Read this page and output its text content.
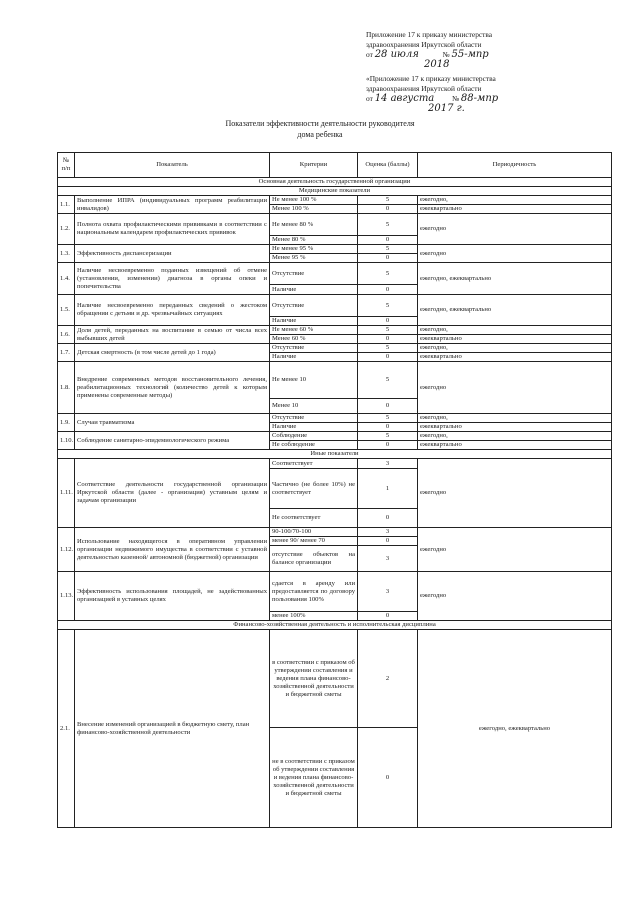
Приложение 17 к приказу министерства
здравоохранения Иркутской области
от 28 июля	№ 55-мпр
2018
«Приложение 17 к приказу министерства
здравоохранения Иркутской области
от 14 августа № 88-мпр
2017 г.
Показатели эффективности деятельности руководителя
дома ребенка
№ п/п	Показатель	Критерии	Оценка (баллы)	Периодичность
Основная деятельность государственной организации				
Медицинские показатели				
1.1.	Выполнение ИПРА (индивидуальных программ реабилитации инвалидов)	Не менее 100 %	5	ежегодно,
		Менее 100 %	0	ежеквартально
1.2.	Полнота охвата профилактическими прививками в соответствии с национальным календарем профилактических прививок	Не менее 80 %	5	ежегодно
		Менее 80 %	0	
1.3.	Эффективность диспансеризации	Не менее 95 %	5	ежегодно
		Менее 95 %	0	
1.4.	Наличие несвоевременно поданных извещений об отмене (установлении, изменении) диагноза в органы опеки и попечительства	Отсутствие	5	ежегодно, ежеквартально
		Наличие	0	
1.5.	Наличие несвоевременно переданных сведений о жестоком обращении с детьми и др. чрезвычайных ситуациях	Отсутствие	5	ежегодно, ежеквартально
		Наличие	0	
1.6.	Доля детей, переданных на воспитание в семью от числа всех выбывших детей	Не менее 60 %	5	ежегодно,
		Менее 60 %	0	ежеквартально
1.7.	Детская смертность (в том числе детей до 1 года)	Отсутствие	5	ежегодно,
		Наличие	0	ежеквартально
1.8.	Внедрение современных методов восстановительного лечения, реабилитационных технологий (количество детей к которым применены современные методы)	Не менее 10	5	ежегодно
		Менее 10	0	
1.9.	Случаи травматизма	Отсутствие	5	ежегодно,
		Наличие	0	ежеквартально
1.10.	Соблюдение санитарно-эпидемиологического режима	Соблюдение	5	ежегодно,
		Не соблюдение	0	ежеквартально
Иные показатели				
1.11.	Соответствие деятельности государственной организации Иркутской области (далее - организация) уставным целям и задачам организации	Соответствует	3	ежегодно
		Частично (не более 10%) не соответствует	1	
		Не соответствует	0	
1.12.	Использование находящегося в оперативном управлении организации недвижимого имущества в соответствии с уставной деятельностью казенной/ автономной (бюджетной) организации	90-100/70-100	3	ежегодно
		менее 90/ менее 70	0	
		отсутствие объектов на балансе организации	3	
1.13.	Эффективность использования площадей, не задействованных организацией в уставных целях	сдается в аренду или предоставляется по договору пользования 100%	3	ежегодно
		менее 100%	0	
Финансово-хозяйственная деятельность и исполнительская дисциплина				
2.1.	Внесение изменений организацией в бюджетную смету, план финансово-хозяйственной деятельности	в соответствии с приказом об утверждении составления и ведения плана финансово-хозяйственной деятельности и бюджетной сметы	2	ежегодно, ежеквартально
		не в соответствии с приказом об утверждении составления и ведения плана финансово-хозяйственной деятельности и бюджетной сметы	0	
